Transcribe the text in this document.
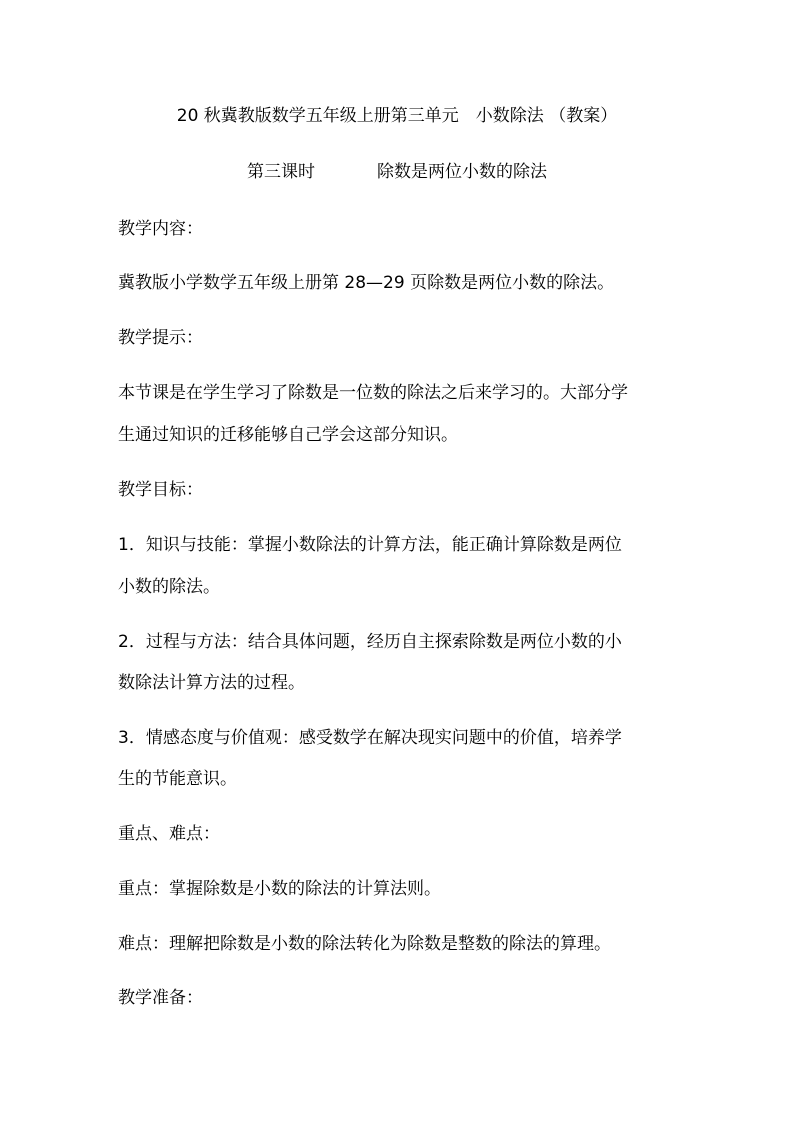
20 秋冀教版数学五年级上册第三单元　小数除法 （教案）
第三课时	除数是两位小数的除法
教学内容：
冀教版小学数学五年级上册第 28—29 页除数是两位小数的除法。
教学提示：
本节课是在学生学习了除数是一位数的除法之后来学习的。大部分学
生通过知识的迁移能够自己学会这部分知识。
教学目标：
1．知识与技能：掌握小数除法的计算方法，能正确计算除数是两位
小数的除法。
2．过程与方法：结合具体问题，经历自主探索除数是两位小数的小
数除法计算方法的过程。
3．情感态度与价值观：感受数学在解决现实问题中的价值，培养学
生的节能意识。
重点、难点：
重点：掌握除数是小数的除法的计算法则。
难点：理解把除数是小数的除法转化为除数是整数的除法的算理。
教学准备：
